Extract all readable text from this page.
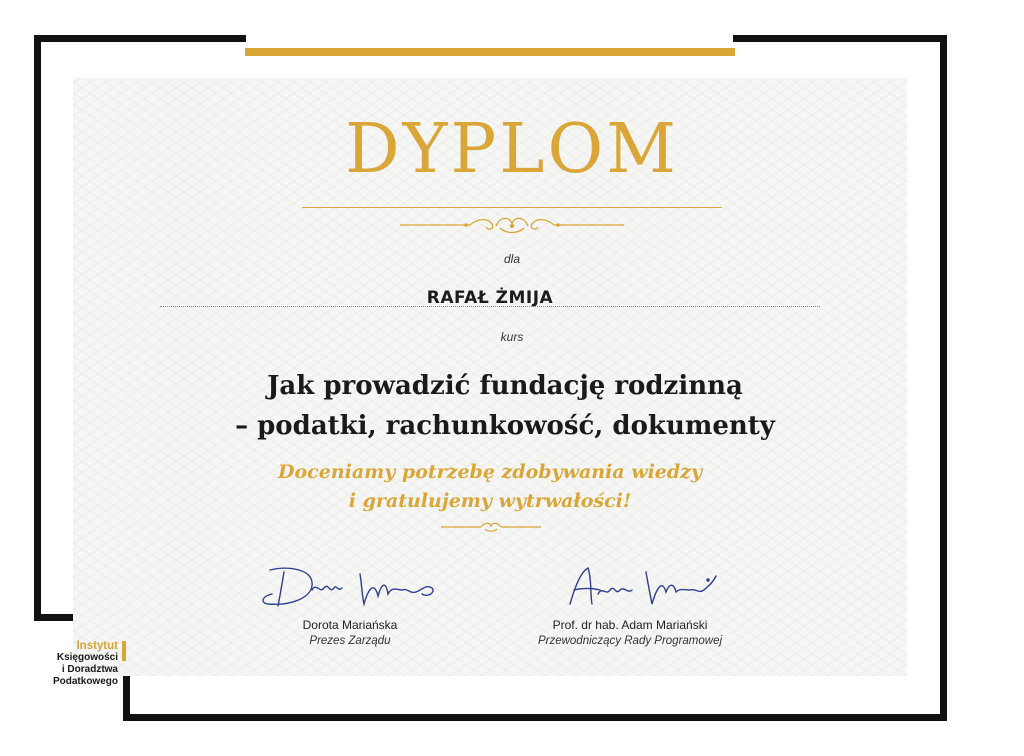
DYPLOM
dla
RAFAŁ ŻMIJA
kurs
Jak prowadzić fundację rodzinną
– podatki, rachunkowość, dokumenty
Doceniamy potrzebę zdobywania wiedzy
i gratulujemy wytrwałości!
Dorota Mariańska
Prezes Zarządu
Prof. dr hab. Adam Mariański
Przewodniczący Rady Programowej
Instytut
Księgowości
i Doradztwa
Podatkowego
